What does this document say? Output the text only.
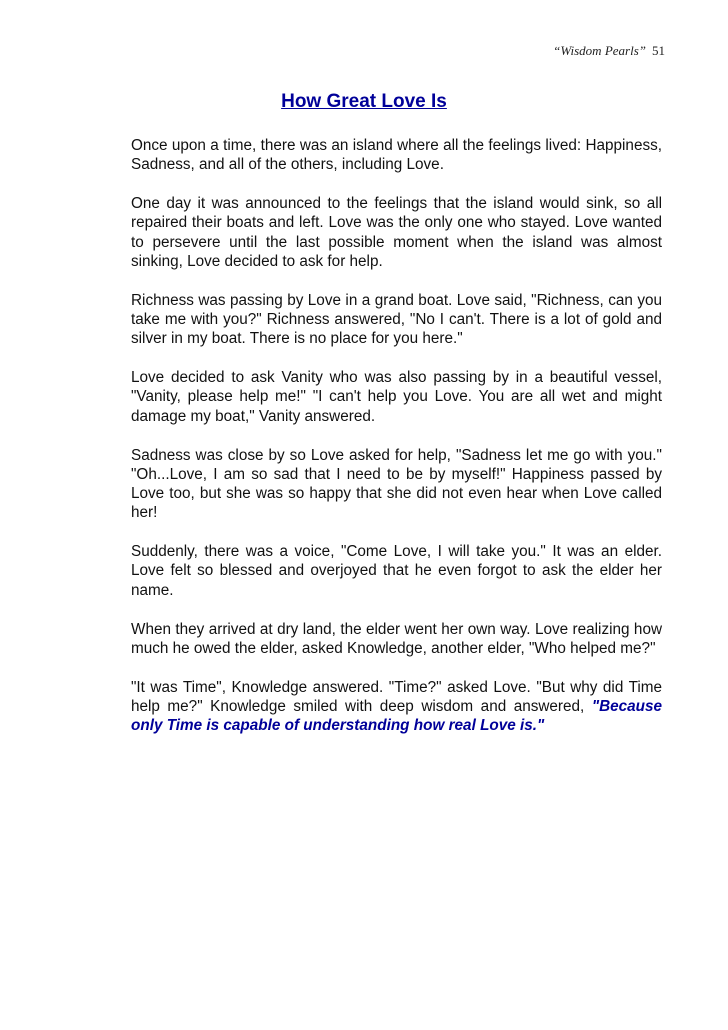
“Wisdom Pearls” 51
How Great Love Is

Once upon a time, there was an island where all the feelings lived: Happiness, Sadness, and all of the others, including Love.

One day it was announced to the feelings that the island would sink, so all repaired their boats and left. Love was the only one who stayed. Love wanted to persevere until the last possible moment when the island was almost sinking, Love decided to ask for help.

Richness was passing by Love in a grand boat. Love said, "Richness, can you take me with you?" Richness answered, "No I can't. There is a lot of gold and silver in my boat. There is no place for you here."

Love decided to ask Vanity who was also passing by in a beautiful vessel, "Vanity, please help me!" "I can't help you Love. You are all wet and might damage my boat," Vanity answered.

Sadness was close by so Love asked for help, "Sadness let me go with you." "Oh...Love, I am so sad that I need to be by myself!" Happiness passed by Love too, but she was so happy that she did not even hear when Love called her!

Suddenly, there was a voice, "Come Love, I will take you." It was an elder. Love felt so blessed and overjoyed that he even forgot to ask the elder her name.

When they arrived at dry land, the elder went her own way. Love realizing how much he owed the elder, asked Knowledge, another elder, "Who helped me?"

"It was Time", Knowledge answered. "Time?" asked Love. "But why did Time help me?" Knowledge smiled with deep wisdom and answered, "Because only Time is capable of understanding how real Love is."
